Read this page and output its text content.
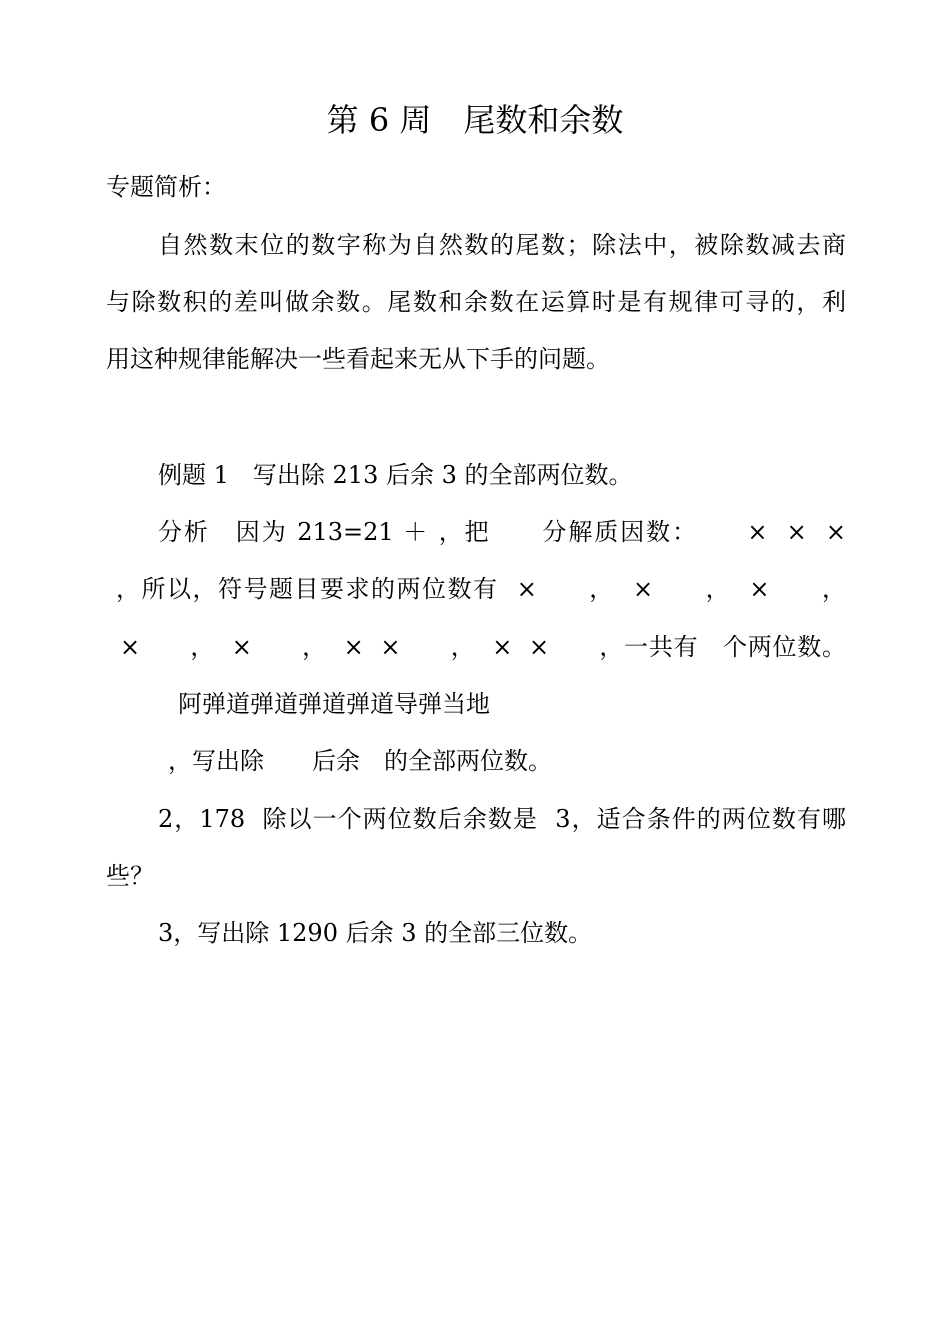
第 6 周　尾数和余数
专题简析：
自然数末位的数字称为自然数的尾数；除法中，被除数减去商
与除数积的差叫做余数。尾数和余数在运算时是有规律可寻的，利
用这种规律能解决一些看起来无从下手的问题。
例题 1　写出除 213 后余 3 的全部两位数。
分析　因为 213=21 ＋ ，把　　分解质因数：　　 ×  ×  ×
，所以，符号题目要求的两位数有  ×　　，  ×　　，  ×　　，
×　　，  ×　　，  ×  ×　　，  ×  ×　　，一共有　个两位数。
阿弹道弹道弹道弹道导弹当地
，写出除　　后余　的全部两位数。
2，178  除以一个两位数后余数是  3，适合条件的两位数有哪
些？
3，写出除 1290 后余 3 的全部三位数。
